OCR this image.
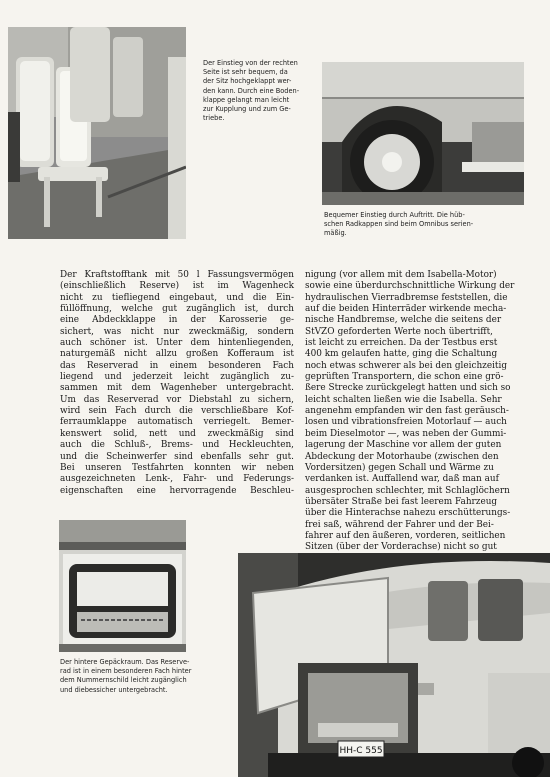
Der Einstieg von der rechten
Seite ist sehr bequem, da
der Sitz hochgeklappt wer-
den kann. Durch eine Boden-
klappe gelangt man leicht
zur Kupplung und zum Ge-
triebe.
Bequemer Einstieg durch Auftritt. Die hüb-
schen Radkappen sind beim Omnibus serien-
mäßig.
Der Kraftstofftank mit 50 l Fassungsvermögen
(einschließlich Reserve) ist im Wagenheck
nicht zu tiefliegend eingebaut, und die Ein-
füllöffnung, welche gut zugänglich ist, durch
eine Abdeckklappe in der Karosserie ge-
sichert, was nicht nur zweckmäßig, sondern
auch schöner ist. Unter dem hintenliegenden,
naturgemäß nicht allzu großen Kofferaum ist
das Reserverad in einem besonderen Fach
liegend und jederzeit leicht zugänglich zu-
sammen mit dem Wagenheber untergebracht.
Um das Reserverad vor Diebstahl zu sichern,
wird sein Fach durch die verschließbare Kof-
ferraumklappe automatisch verriegelt. Bemer-
kenswert solid, nett und zweckmäßig sind
auch die Schluß-, Brems- und Heckleuchten,
und die Scheinwerfer sind ebenfalls sehr gut.
Bei unseren Testfahrten konnten wir neben
ausgezeichneten Lenk-, Fahr- und Federungs-
eigenschaften eine hervorragende Beschleu-
nigung (vor allem mit dem Isabella-Motor)
sowie eine überdurchschnittliche Wirkung der
hydraulischen Vierradbremse feststellen, die
auf die beiden Hinterräder wirkende mecha-
nische Handbremse, welche die seitens der
StVZO geforderten Werte noch übertrifft,
ist leicht zu erreichen. Da der Testbus erst
400 km gelaufen hatte, ging die Schaltung
noch etwas schwerer als bei den gleichzeitig
geprüften Transportern, die schon eine grö-
ßere Strecke zurückgelegt hatten und sich so
leicht schalten ließen wie die Isabella. Sehr
angenehm empfanden wir den fast geräusch-
losen und vibrationsfreien Motorlauf — auch
beim Dieselmotor —, was neben der Gummi-
lagerung der Maschine vor allem der guten
Abdeckung der Motorhaube (zwischen den
Vordersitzen) gegen Schall und Wärme zu
verdanken ist. Auffallend war, daß man auf
ausgesprochen schlechter, mit Schlaglöchern
übersäter Straße bei fast leerem Fahrzeug
über die Hinterachse nahezu erschütterungs-
frei saß, während der Fahrer und der Bei-
fahrer auf den äußeren, vorderen, seitlichen
Sitzen (über der Vorderachse) nicht so gut
Der hintere Gepäckraum. Das Reserve-
rad ist in einem besonderen Fach hinter
dem Nummernschild leicht zugänglich
und diebessicher untergebracht.
HH-C 555
